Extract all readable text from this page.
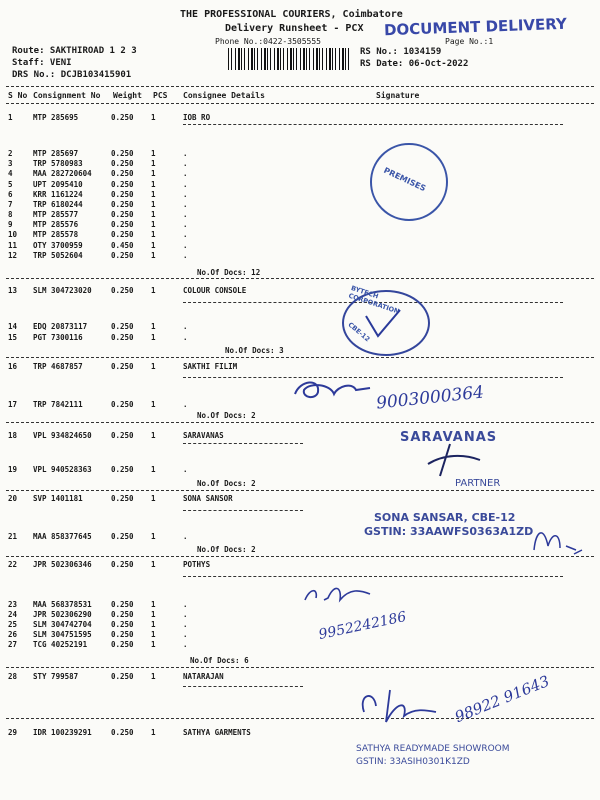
THE PROFESSIONAL COURIERS, Coimbatore
Delivery Runsheet - PCX DOCUMENT DELIVERY
Phone No.:0422-3505555	Page No.:1
Route: SAKTHIROAD 1 2 3
Staff: VENI
DRS No.: DCJB103415901
RS No.: 1034159
RS Date: 06-Oct-2022
S No Consignment No Weight PCS Consignee Details	Signature
1	MTP 285695	0.250 1	IOB RO
2	MTP 285697	0.250 1	.
3	TRP 5780983	0.250 1	.
4	MAA 282720604	0.250 1	.
5	UPT 2095410	0.250 1	.
6	KRR 1161224	0.250 1	.
7	TRP 6180244	0.250 1	.
8	MTP 285577	0.250 1	.
9	MTP 285576	0.250 1	.
10 MTP 285578	0.250 1	.
11 OTY 3700959	0.450 1	.
12 TRP 5052604	0.250 1	.
13 SLM 304723020	0.250 1	COLOUR CONSOLE
14 EDQ 20873117	0.250 1	.
15 PGT 7300116	0.250 1	.
16 TRP 4687857	0.250 1	SAKTHI FILIM
17 TRP 7842111	0.250 1	.
18 VPL 934824650	0.250 1	SARAVANAS
19 VPL 940528363	0.250 1	.
20 SVP 1401181	0.250 1	SONA SANSOR
21 MAA 858377645	0.250 1	.
22 JPR 502306346	0.250 1	POTHYS
23 MAA 568378531	0.250 1	.
24 JPR 502306290	0.250 1	.
25 SLM 304742704	0.250 1	.
26 SLM 304751595	0.250 1	.
27 TCG 40252191	0.250 1	.
28 STY 799587	0.250 1	NATARAJAN
29 IDR 100239291	0.250 1	SATHYA GARMENTS
No.Of Docs: 12
No.Of Docs: 3
No.Of Docs: 2
No.Of Docs: 2
No.Of Docs: 2
No.Of Docs: 6
PREMISES
BYTECH CORPORATION
CBE-12
9003000364
SARAVANAS
PARTNER
SONA SANSAR, CBE-12
GSTIN: 33AAWFS0363A1ZD
9952242186
98922 91643
SATHYA READYMADE SHOWROOM
GSTIN: 33ASIH0301K1ZD
